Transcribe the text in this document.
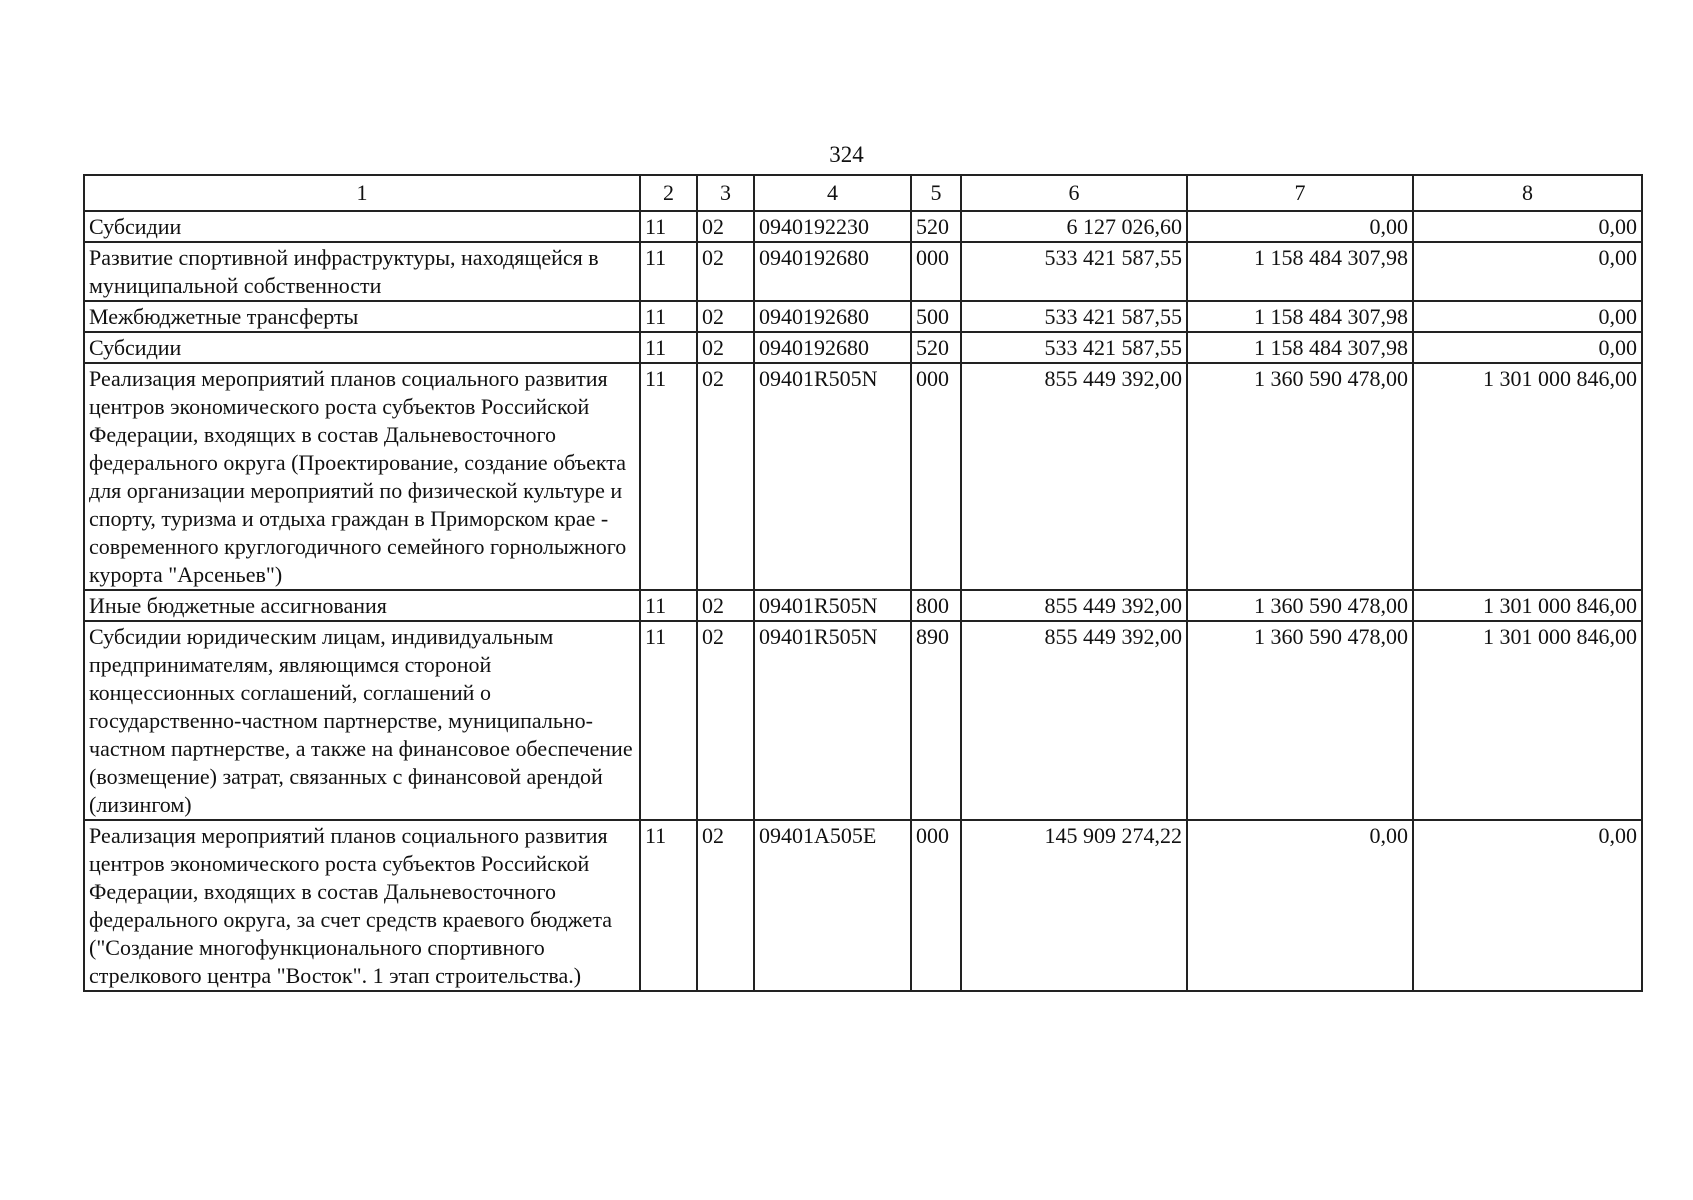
324
1	2	3	4	5	6	7	8
Субсидии	11	02	0940192230	520	6 127 026,60	0,00	0,00
Развитие спортивной инфраструктуры, находящейся в муниципальной собственности	11	02	0940192680	000	533 421 587,55	1 158 484 307,98	0,00
Межбюджетные трансферты	11	02	0940192680	500	533 421 587,55	1 158 484 307,98	0,00
Субсидии	11	02	0940192680	520	533 421 587,55	1 158 484 307,98	0,00
Реализация мероприятий планов социального развития центров экономического роста субъектов Российской Федерации, входящих в состав Дальневосточного федерального округа (Проектирование, создание объекта для организации мероприятий по физической культуре и спорту, туризма и отдыха граждан в Приморском крае - современного круглогодичного семейного горнолыжного курорта "Арсеньев")	11	02	09401R505N	000	855 449 392,00	1 360 590 478,00	1 301 000 846,00
Иные бюджетные ассигнования	11	02	09401R505N	800	855 449 392,00	1 360 590 478,00	1 301 000 846,00
Субсидии юридическим лицам, индивидуальным предпринимателям, являющимся стороной концессионных соглашений, соглашений о государственно-частном партнерстве, муниципально-частном партнерстве, а также на финансовое обеспечение (возмещение) затрат, связанных с финансовой арендой (лизингом)	11	02	09401R505N	890	855 449 392,00	1 360 590 478,00	1 301 000 846,00
Реализация мероприятий планов социального развития центров экономического роста субъектов Российской Федерации, входящих в состав Дальневосточного федерального округа, за счет средств краевого бюджета ("Создание многофункционального спортивного стрелкового центра "Восток". 1 этап строительства.)	11	02	09401A505E	000	145 909 274,22	0,00	0,00
